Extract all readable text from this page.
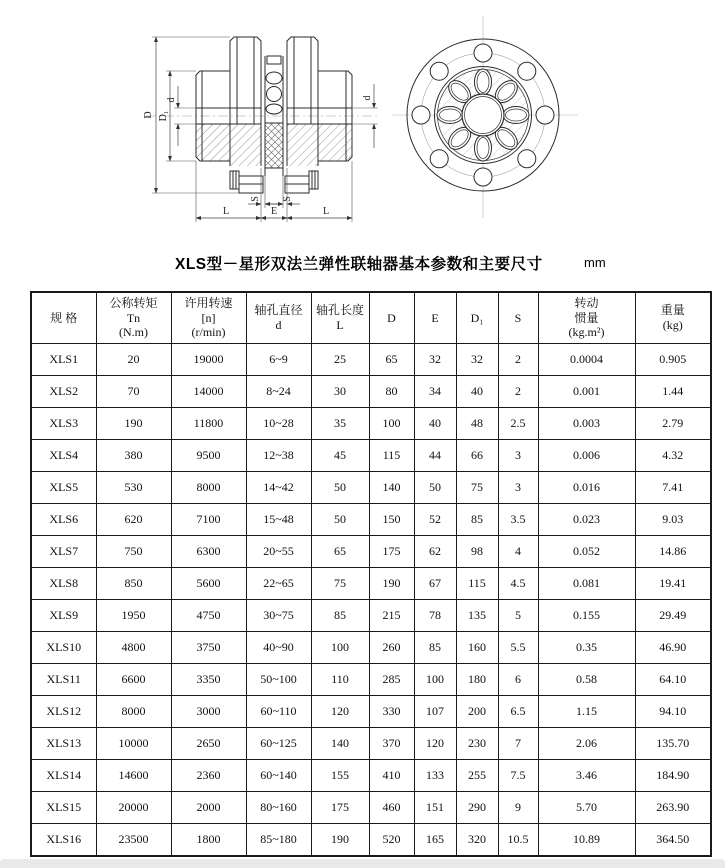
D D₁
d	d
S S
L	E	L
XLS型－星形双法兰弹性联轴器基本参数和主要尺寸	mm
规 格

公称转矩
Tn
(N.m)

许用转速
[n]
(r/min)

轴孔直径
d

轴孔长度
L

D	E	D₁	S

转动
惯量
(kg.m²)

重量
(kg)

XLS1	20	19000	6~9	25	65	32	32	2	0.0004	0.905
XLS2	70	14000	8~24	30	80	34	40	2	0.001	1.44
XLS3	190	11800	10~28	35	100	40	48	2.5	0.003	2.79
XLS4	380	9500	12~38	45	115	44	66	3	0.006	4.32
XLS5	530	8000	14~42	50	140	50	75	3	0.016	7.41
XLS6	620	7100	15~48	50	150	52	85	3.5	0.023	9.03
XLS7	750	6300	20~55	65	175	62	98	4	0.052	14.86
XLS8	850	5600	22~65	75	190	67	115	4.5	0.081	19.41
XLS9	1950	4750	30~75	85	215	78	135	5	0.155	29.49
XLS10	4800	3750	40~90	100	260	85	160	5.5	0.35	46.90
XLS11	6600	3350	50~100	110	285	100	180	6	0.58	64.10
XLS12	8000	3000	60~110	120	330	107	200	6.5	1.15	94.10
XLS13	10000	2650	60~125	140	370	120	230	7	2.06	135.70
XLS14	14600	2360	60~140	155	410	133	255	7.5	3.46	184.90
XLS15	20000	2000	80~160	175	460	151	290	9	5.70	263.90
XLS16	23500	1800	85~180	190	520	165	320	10.5	10.89	364.50
